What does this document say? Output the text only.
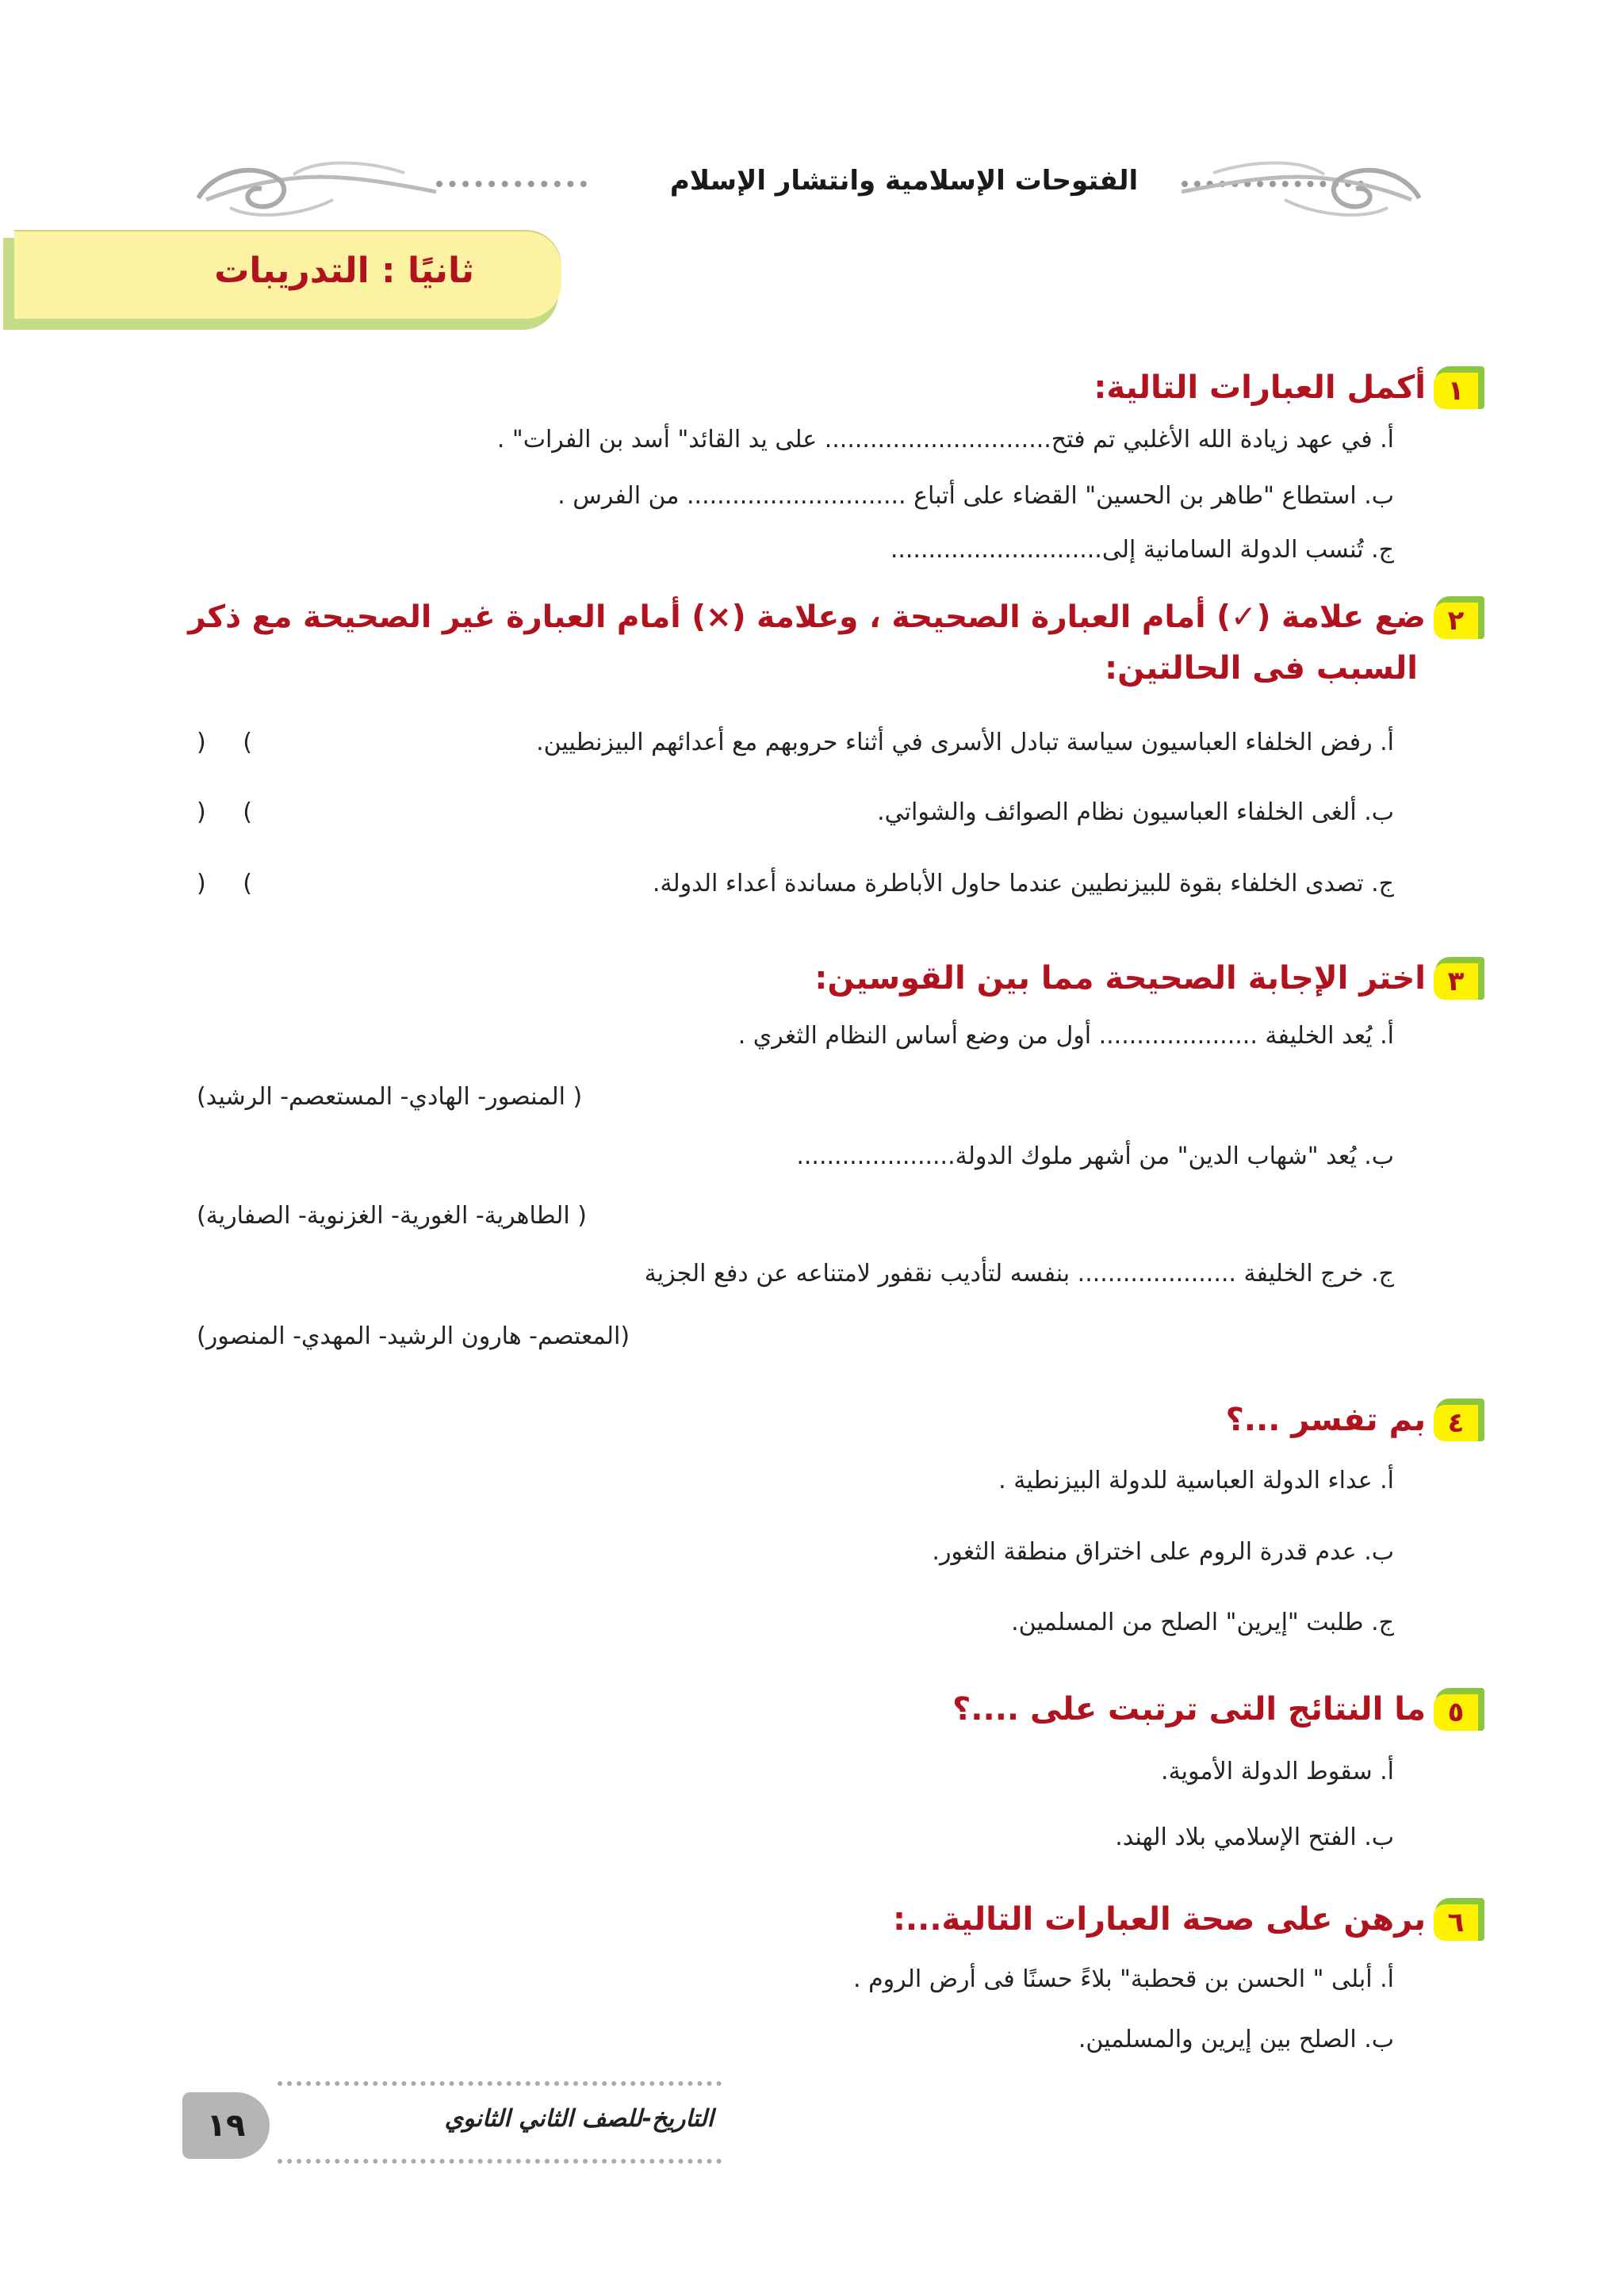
الفتوحات الإسلامية وانتشار الإسلام
ثانيًا : التدريبات
١
أكمل العبارات التالية:
أ. في عهد زيادة الله الأغلبي تم فتح.............................. على يد القائد" أسد بن الفرات" .
ب. استطاع "طاهر بن الحسين" القضاء على أتباع ............................. من الفرس .
ج. تُنسب الدولة السامانية إلى............................
٢
ضع علامة (✓) أمام العبارة الصحيحة ، وعلامة (×) أمام العبارة غير الصحيحة مع ذكر
السبب فى الحالتين:
أ. رفض الخلفاء العباسيون سياسة تبادل الأسرى في أثناء حروبهم مع أعدائهم البيزنطيين.
)
(
ب. ألغى الخلفاء العباسيون نظام الصوائف والشواتي.
)
(
ج. تصدى الخلفاء بقوة للبيزنطيين عندما حاول الأباطرة مساندة أعداء الدولة.
)
(
٣
اختر الإجابة الصحيحة مما بين القوسين:
أ. يُعد الخليفة ..................... أول من وضع أساس النظام الثغري .
( المنصور- الهادي- المستعصم- الرشيد)
ب. يُعد "شهاب الدين" من أشهر ملوك الدولة.....................
( الطاهرية- الغورية- الغزنوية- الصفارية)
ج. خرج الخليفة ..................... بنفسه لتأديب نقفور لامتناعه عن دفع الجزية
(المعتصم- هارون الرشيد- المهدي- المنصور)
٤
بم تفسر ...؟
أ. عداء الدولة العباسية للدولة البيزنطية .
ب. عدم قدرة الروم على اختراق منطقة الثغور.
ج. طلبت "إيرين" الصلح من المسلمين.
٥
ما النتائج التى ترتبت على ....؟
أ. سقوط الدولة الأموية.
ب. الفتح الإسلامي بلاد الهند.
٦
برهن على صحة العبارات التالية...:
أ. أبلى " الحسن بن قحطبة" بلاءً حسنًا فى أرض الروم .
ب. الصلح بين إيرين والمسلمين.
١٩	التاريخ-للصف الثاني الثانوي
